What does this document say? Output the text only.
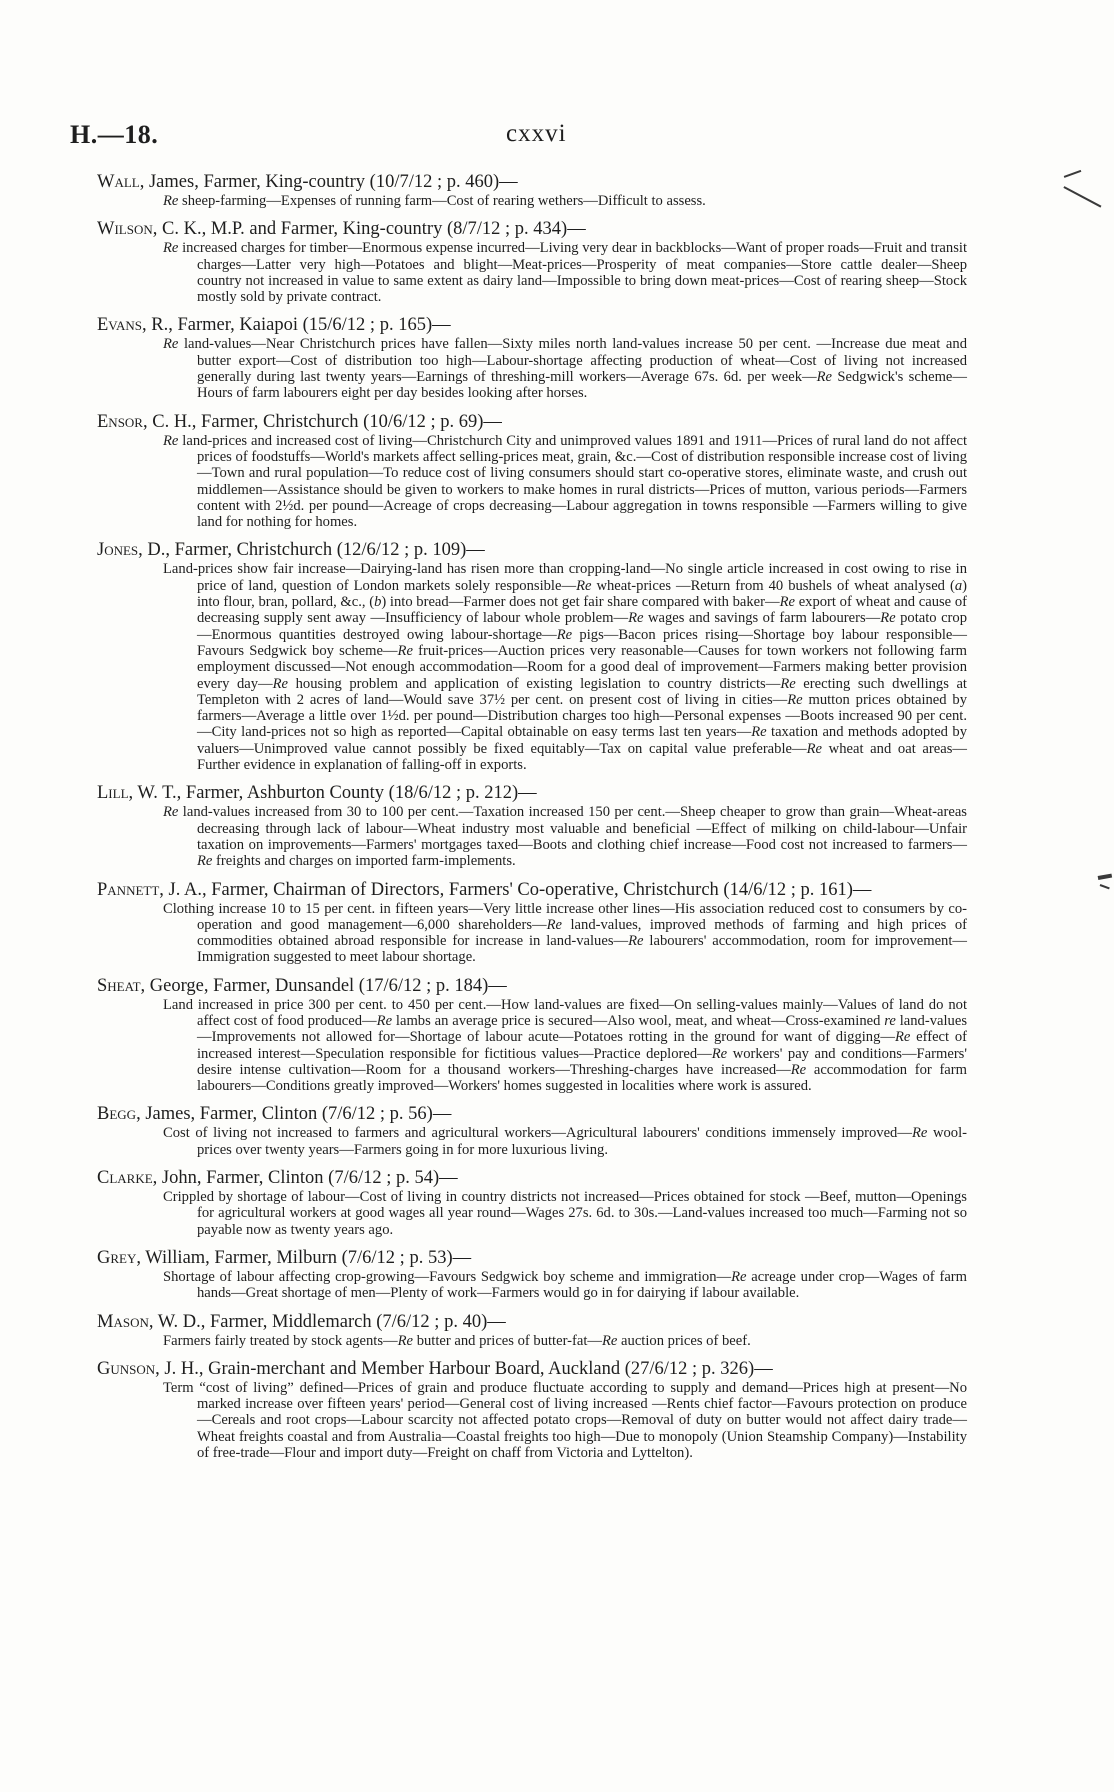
H.—18.	cxxvi
Wall, James, Farmer, King-country (10/7/12 ; p. 460)—
Re sheep-farming—Expenses of running farm—Cost of rearing wethers—Difficult to assess.
Wilson, C. K., M.P. and Farmer, King-country (8/7/12 ; p. 434)—
Re increased charges for timber—Enormous expense incurred—Living very dear in backblocks—Want of proper roads—Fruit and transit charges—Latter very high—Potatoes and blight—Meat-prices—Prosperity of meat companies—Store cattle dealer—Sheep country not increased in value to same extent as dairy land—Impossible to bring down meat-prices—Cost of rearing sheep—Stock mostly sold by private contract.
Evans, R., Farmer, Kaiapoi (15/6/12 ; p. 165)—
Re land-values—Near Christchurch prices have fallen—Sixty miles north land-values increase 50 per cent. —Increase due meat and butter export—Cost of distribution too high—Labour-shortage affecting production of wheat—Cost of living not increased generally during last twenty years—Earnings of threshing-mill workers—Average 67s. 6d. per week—Re Sedgwick's scheme—Hours of farm labourers eight per day besides looking after horses.
Ensor, C. H., Farmer, Christchurch (10/6/12 ; p. 69)—
Re land-prices and increased cost of living—Christchurch City and unimproved values 1891 and 1911—Prices of rural land do not affect prices of foodstuffs—World's markets affect selling-prices meat, grain, &c.—Cost of distribution responsible increase cost of living—Town and rural population—To reduce cost of living consumers should start co-operative stores, eliminate waste, and crush out middlemen—Assistance should be given to workers to make homes in rural districts—Prices of mutton, various periods—Farmers content with 2½d. per pound—Acreage of crops decreasing—Labour aggregation in towns responsible —Farmers willing to give land for nothing for homes.
Jones, D., Farmer, Christchurch (12/6/12 ; p. 109)—
Land-prices show fair increase—Dairying-land has risen more than cropping-land—No single article increased in cost owing to rise in price of land, question of London markets solely responsible—Re wheat-prices —Return from 40 bushels of wheat analysed (a) into flour, bran, pollard, &c., (b) into bread—Farmer does not get fair share compared with baker—Re export of wheat and cause of decreasing supply sent away —Insufficiency of labour whole problem—Re wages and savings of farm labourers—Re potato crop—Enormous quantities destroyed owing labour-shortage—Re pigs—Bacon prices rising—Shortage boy labour responsible—Favours Sedgwick boy scheme—Re fruit-prices—Auction prices very reasonable—Causes for town workers not following farm employment discussed—Not enough accommodation—Room for a good deal of improvement—Farmers making better provision every day—Re housing problem and application of existing legislation to country districts—Re erecting such dwellings at Templeton with 2 acres of land—Would save 37½ per cent. on present cost of living in cities—Re mutton prices obtained by farmers—Average a little over 1½d. per pound—Distribution charges too high—Personal expenses —Boots increased 90 per cent.—City land-prices not so high as reported—Capital obtainable on easy terms last ten years—Re taxation and methods adopted by valuers—Unimproved value cannot possibly be fixed equitably—Tax on capital value preferable—Re wheat and oat areas—Further evidence in explanation of falling-off in exports.
Lill, W. T., Farmer, Ashburton County (18/6/12 ; p. 212)—
Re land-values increased from 30 to 100 per cent.—Taxation increased 150 per cent.—Sheep cheaper to grow than grain—Wheat-areas decreasing through lack of labour—Wheat industry most valuable and beneficial —Effect of milking on child-labour—Unfair taxation on improvements—Farmers' mortgages taxed—Boots and clothing chief increase—Food cost not increased to farmers—Re freights and charges on imported farm-implements.
Pannett, J. A., Farmer, Chairman of Directors, Farmers' Co-operative, Christchurch (14/6/12 ; p. 161)—
Clothing increase 10 to 15 per cent. in fifteen years—Very little increase other lines—His association reduced cost to consumers by co-operation and good management—6,000 shareholders—Re land-values, improved methods of farming and high prices of commodities obtained abroad responsible for increase in land-values—Re labourers' accommodation, room for improvement—Immigration suggested to meet labour shortage.
Sheat, George, Farmer, Dunsandel (17/6/12 ; p. 184)—
Land increased in price 300 per cent. to 450 per cent.—How land-values are fixed—On selling-values mainly—Values of land do not affect cost of food produced—Re lambs an average price is secured—Also wool, meat, and wheat—Cross-examined re land-values—Improvements not allowed for—Shortage of labour acute—Potatoes rotting in the ground for want of digging—Re effect of increased interest—Speculation responsible for fictitious values—Practice deplored—Re workers' pay and conditions—Farmers' desire intense cultivation—Room for a thousand workers—Threshing-charges have increased—Re accommodation for farm labourers—Conditions greatly improved—Workers' homes suggested in localities where work is assured.
Begg, James, Farmer, Clinton (7/6/12 ; p. 56)—
Cost of living not increased to farmers and agricultural workers—Agricultural labourers' conditions immensely improved—Re wool-prices over twenty years—Farmers going in for more luxurious living.
Clarke, John, Farmer, Clinton (7/6/12 ; p. 54)—
Crippled by shortage of labour—Cost of living in country districts not increased—Prices obtained for stock —Beef, mutton—Openings for agricultural workers at good wages all year round—Wages 27s. 6d. to 30s.—Land-values increased too much—Farming not so payable now as twenty years ago.
Grey, William, Farmer, Milburn (7/6/12 ; p. 53)—
Shortage of labour affecting crop-growing—Favours Sedgwick boy scheme and immigration—Re acreage under crop—Wages of farm hands—Great shortage of men—Plenty of work—Farmers would go in for dairying if labour available.
Mason, W. D., Farmer, Middlemarch (7/6/12 ; p. 40)—
Farmers fairly treated by stock agents—Re butter and prices of butter-fat—Re auction prices of beef.
Gunson, J. H., Grain-merchant and Member Harbour Board, Auckland (27/6/12 ; p. 326)—
Term “cost of living” defined—Prices of grain and produce fluctuate according to supply and demand—Prices high at present—No marked increase over fifteen years' period—General cost of living increased —Rents chief factor—Favours protection on produce—Cereals and root crops—Labour scarcity not affected potato crops—Removal of duty on butter would not affect dairy trade—Wheat freights coastal and from Australia—Coastal freights too high—Due to monopoly (Union Steamship Company)—Instability of free-trade—Flour and import duty—Freight on chaff from Victoria and Lyttelton).
